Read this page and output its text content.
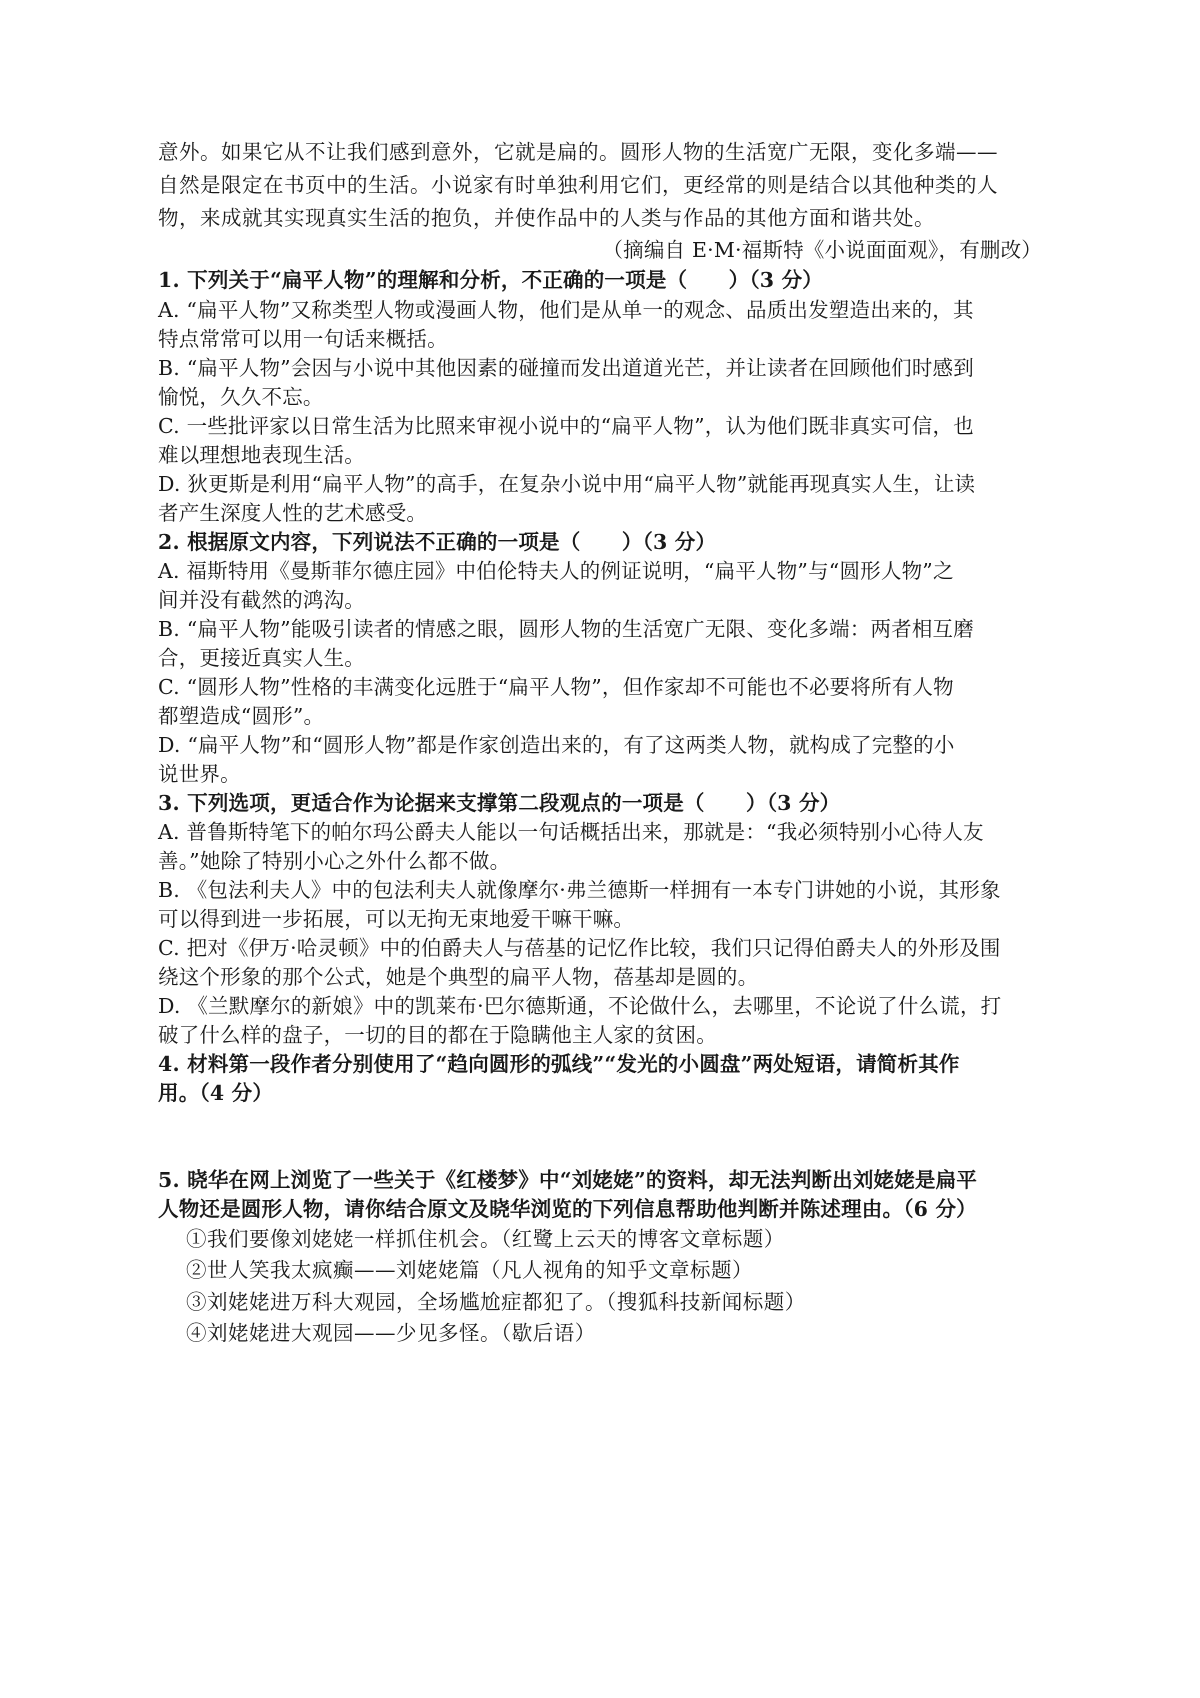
意外。如果它从不让我们感到意外，它就是扁的。圆形人物的生活宽广无限，变化多端——
自然是限定在书页中的生活。小说家有时单独利用它们，更经常的则是结合以其他种类的人
物，来成就其实现真实生活的抱负，并使作品中的人类与作品的其他方面和谐共处。
（摘编自 E·M·福斯特《小说面面观》，有删改）
1. 下列关于“扁平人物”的理解和分析，不正确的一项是（　　）（3 分）
A. “扁平人物”又称类型人物或漫画人物，他们是从单一的观念、品质出发塑造出来的，其
特点常常可以用一句话来概括。
B. “扁平人物”会因与小说中其他因素的碰撞而发出道道光芒，并让读者在回顾他们时感到
愉悦，久久不忘。
C. 一些批评家以日常生活为比照来审视小说中的“扁平人物”，认为他们既非真实可信，也
难以理想地表现生活。
D. 狄更斯是利用“扁平人物”的高手，在复杂小说中用“扁平人物”就能再现真实人生，让读
者产生深度人性的艺术感受。
2. 根据原文内容，下列说法不正确的一项是（　　）（3 分）
A. 福斯特用《曼斯菲尔德庄园》中伯伦特夫人的例证说明，“扁平人物”与“圆形人物”之
间并没有截然的鸿沟。
B. “扁平人物”能吸引读者的情感之眼，圆形人物的生活宽广无限、变化多端：两者相互磨
合，更接近真实人生。
C. “圆形人物”性格的丰满变化远胜于“扁平人物”，但作家却不可能也不必要将所有人物
都塑造成“圆形”。
D. “扁平人物”和“圆形人物”都是作家创造出来的，有了这两类人物，就构成了完整的小
说世界。
3. 下列选项，更适合作为论据来支撑第二段观点的一项是（　　）（3 分）
A. 普鲁斯特笔下的帕尔玛公爵夫人能以一句话概括出来，那就是：“我必须特别小心待人友
善。”她除了特别小心之外什么都不做。
B. 《包法利夫人》中的包法利夫人就像摩尔·弗兰德斯一样拥有一本专门讲她的小说，其形象
可以得到进一步拓展，可以无拘无束地爱干嘛干嘛。
C. 把对《伊万·哈灵顿》中的伯爵夫人与蓓基的记忆作比较，我们只记得伯爵夫人的外形及围
绕这个形象的那个公式，她是个典型的扁平人物，蓓基却是圆的。
D. 《兰默摩尔的新娘》中的凯莱布·巴尔德斯通，不论做什么，去哪里，不论说了什么谎，打
破了什么样的盘子，一切的目的都在于隐瞒他主人家的贫困。
4. 材料第一段作者分别使用了“趋向圆形的弧线”“发光的小圆盘”两处短语，请简析其作
用。（4 分）
5. 晓华在网上浏览了一些关于《红楼梦》中“刘姥姥”的资料，却无法判断出刘姥姥是扁平
人物还是圆形人物，请你结合原文及晓华浏览的下列信息帮助他判断并陈述理由。（6 分）
①我们要像刘姥姥一样抓住机会。（红鹭上云天的博客文章标题）
②世人笑我太疯癫——刘姥姥篇（凡人视角的知乎文章标题）
③刘姥姥进万科大观园，全场尴尬症都犯了。（搜狐科技新闻标题）
④刘姥姥进大观园——少见多怪。（歇后语）
